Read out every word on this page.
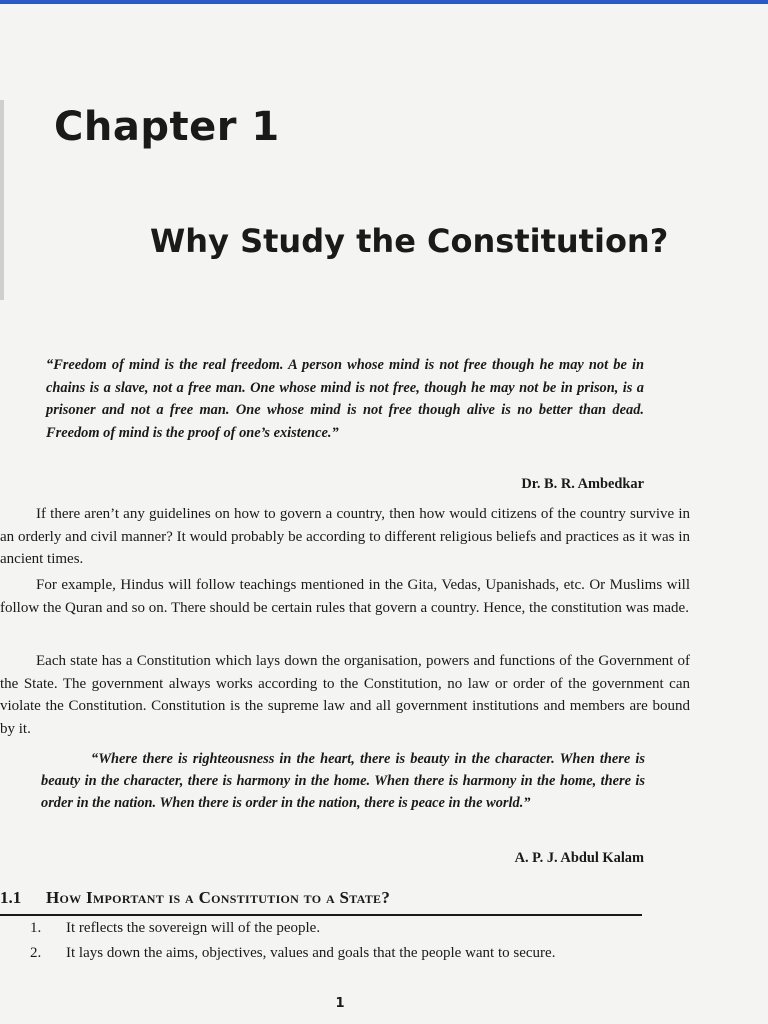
Chapter 1
Why Study the Constitution?

“Freedom of mind is the real freedom. A person whose mind is not free though he may not be in chains is a slave, not a free man. One whose mind is not free, though he may not be in prison, is a prisoner and not a free man. One whose mind is not free though alive is no better than dead. Freedom of mind is the proof of one’s existence.”

Dr. B. R. Ambedkar

If there aren’t any guidelines on how to govern a country, then how would citizens of the country survive in an orderly and civil manner? It would probably be according to different religious beliefs and practices as it was in ancient times.

For example, Hindus will follow teachings mentioned in the Gita, Vedas, Upanishads, etc. Or Muslims will follow the Quran and so on. There should be certain rules that govern a country. Hence, the constitution was made.

Each state has a Constitution which lays down the organisation, powers and functions of the Government of the State. The government always works according to the Constitution, no law or order of the government can violate the Constitution. Constitution is the supreme law and all government institutions and members are bound by it.

“Where there is righteousness in the heart, there is beauty in the character. When there is beauty in the character, there is harmony in the home. When there is harmony in the home, there is order in the nation. When there is order in the nation, there is peace in the world.”

A. P. J. Abdul Kalam

1.1 How Important is a Constitution to a State?
1. It reflects the sovereign will of the people.
2. It lays down the aims, objectives, values and goals that the people want to secure.
1
